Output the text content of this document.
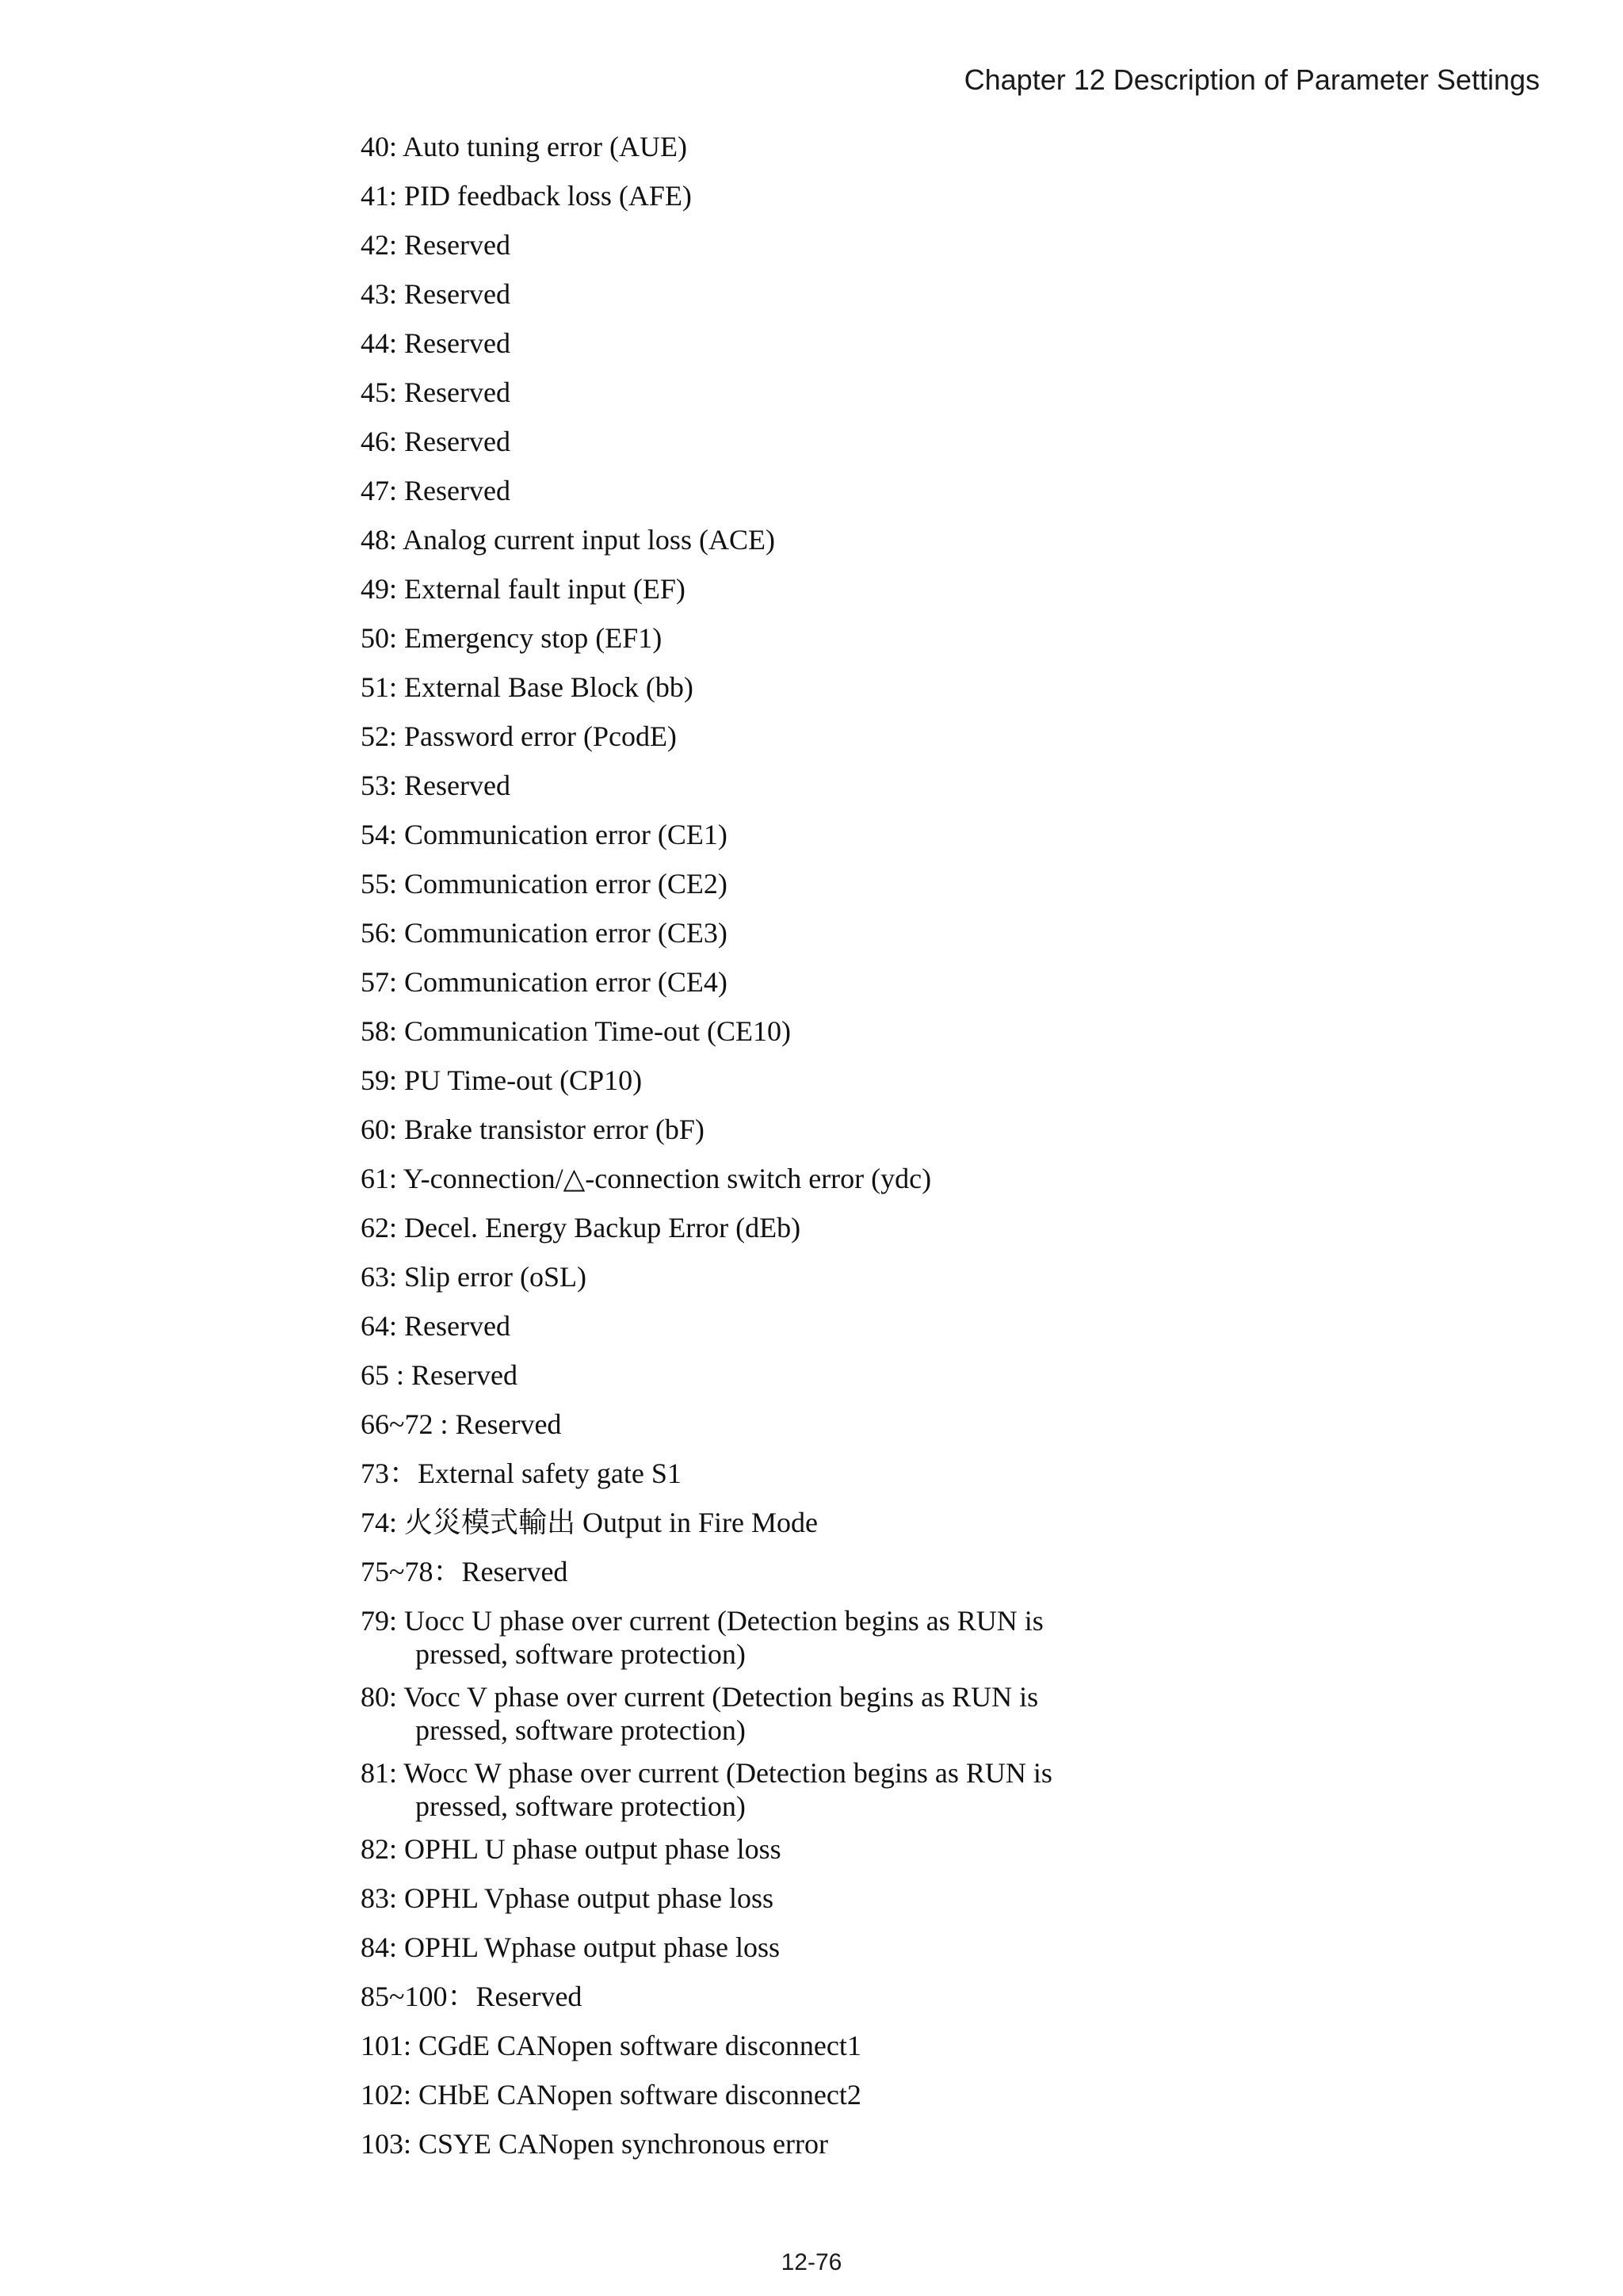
Chapter 12 Description of Parameter Settings
40: Auto tuning error (AUE)
41: PID feedback loss (AFE)
42: Reserved
43: Reserved
44: Reserved
45: Reserved
46: Reserved
47: Reserved
48: Analog current input loss (ACE)
49: External fault input (EF)
50: Emergency stop (EF1)
51: External Base Block (bb)
52: Password error (PcodE)
53: Reserved
54: Communication error (CE1)
55: Communication error (CE2)
56: Communication error (CE3)
57: Communication error (CE4)
58: Communication Time-out (CE10)
59: PU Time-out (CP10)
60: Brake transistor error (bF)
61: Y-connection/△-connection switch error (ydc)
62: Decel. Energy Backup Error (dEb)
63: Slip error (oSL)
64: Reserved
65 : Reserved
66~72 : Reserved
73：External safety gate S1
74: 火災模式輸出 Output in Fire Mode
75~78：Reserved
79: Uocc U phase over current (Detection begins as RUN is
pressed, software protection)
80: Vocc V phase over current (Detection begins as RUN is
pressed, software protection)
81: Wocc W phase over current (Detection begins as RUN is
pressed, software protection)
82: OPHL U phase output phase loss
83: OPHL Vphase output phase loss
84: OPHL Wphase output phase loss
85~100：Reserved
101: CGdE CANopen software disconnect1
102: CHbE CANopen software disconnect2
103: CSYE CANopen synchronous error
12-76
